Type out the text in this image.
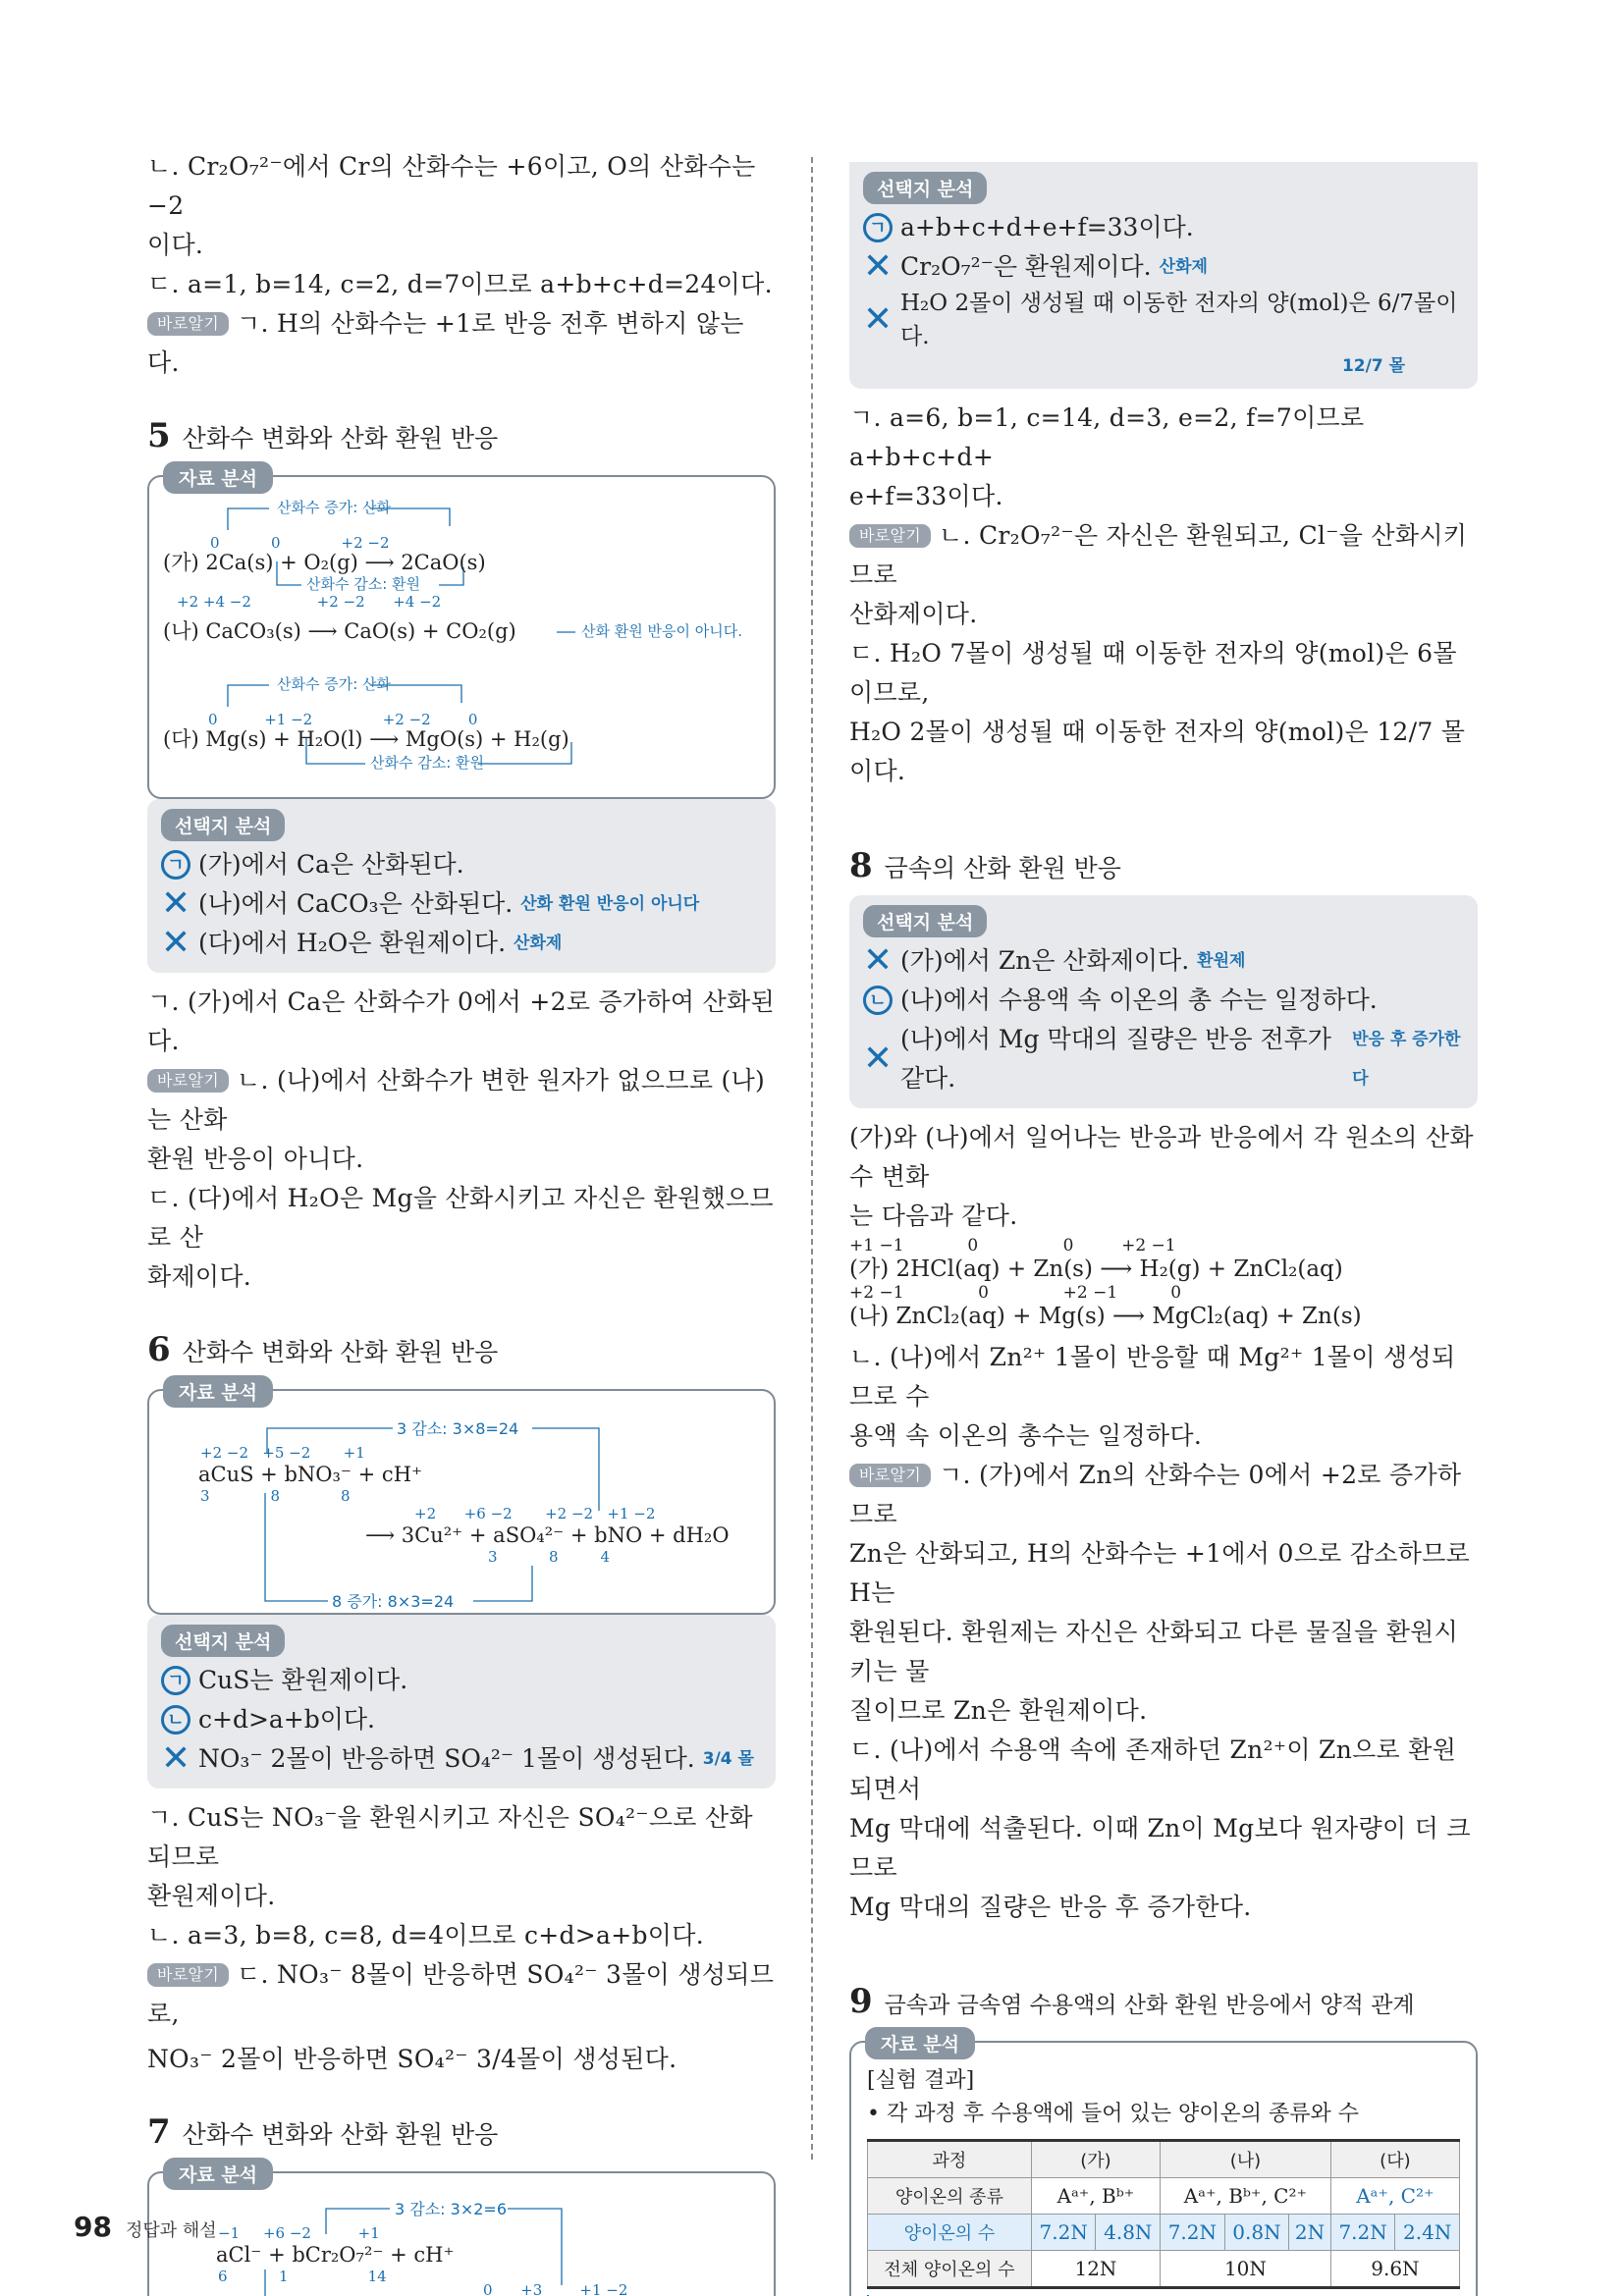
ㄴ. Cr₂O₇²⁻에서 Cr의 산화수는 +6이고, O의 산화수는 −2
이다.
ㄷ. a=1, b=14, c=2, d=7이므로 a+b+c+d=24이다.
바로알기 ㄱ. H의 산화수는 +1로 반응 전후 변하지 않는다.
5 산화수 변화와 산화 환원 반응
자료 분석
산화수 증가: 산화
산화수 감소: 환원
산화수 증가: 산화
산화수 감소: 환원
산화 환원 반응이 아니다.
0           0             +2 −2
+2 +4 −2              +2 −2      +4 −2
0          +1 −2               +2 −2        0
(가) 2Ca(s) + O₂(g) ⟶ 2CaO(s)
(나) CaCO₃(s) ⟶ CaO(s) + CO₂(g)
(다) Mg(s) + H₂O(l) ⟶ MgO(s) + H₂(g)
선택지 분석
ㄱ (가)에서 Ca은 산화된다.
✕ (나)에서 CaCO₃은 산화된다. 산화 환원 반응이 아니다
✕ (다)에서 H₂O은 환원제이다. 산화제
ㄱ. (가)에서 Ca은 산화수가 0에서 +2로 증가하여 산화된다.
바로알기 ㄴ. (나)에서 산화수가 변한 원자가 없으므로 (나)는 산화
환원 반응이 아니다.
ㄷ. (다)에서 H₂O은 Mg을 산화시키고 자신은 환원했으므로 산
화제이다.
6 산화수 변화와 산화 환원 반응
자료 분석
3 감소: 3×8=24
8 증가: 8×3=24
+2 −2   +5 −2       +1
3             8             8
+2      +6 −2       +2 −2   +1 −2
3           8         4
aCuS + bNO₃⁻ + cH⁺
⟶ 3Cu²⁺ + aSO₄²⁻ + bNO + dH₂O
선택지 분석
ㄱ CuS는 환원제이다.
ㄴ c+d>a+b이다.
✕ NO₃⁻ 2몰이 반응하면 SO₄²⁻ 1몰이 생성된다. 3/4 몰
ㄱ. CuS는 NO₃⁻을 환원시키고 자신은 SO₄²⁻으로 산화되므로
환원제이다.
ㄴ. a=3, b=8, c=8, d=4이므로 c+d>a+b이다.
바로알기 ㄷ. NO₃⁻ 8몰이 반응하면 SO₄²⁻ 3몰이 생성되므로,
NO₃⁻ 2몰이 반응하면 SO₄²⁻ 3/4몰이 생성된다.
7 산화수 변화와 산화 환원 반응
자료 분석
3 감소: 3×2=6
−1     +6 −2          +1
6           1                 14
0      +3        +1 −2
aCl⁻ + bCr₂O₇²⁻ + cH⁺
선택지 분석
ㄱ a+b+c+d+e+f=33이다.
✕ Cr₂O₇²⁻은 환원제이다. 산화제
✕ H₂O 2몰이 생성될 때 이동한 전자의 양(mol)은 6/7몰이다.
12/7 몰
ㄱ. a=6, b=1, c=14, d=3, e=2, f=7이므로 a+b+c+d+
e+f=33이다.
바로알기 ㄴ. Cr₂O₇²⁻은 자신은 환원되고, Cl⁻을 산화시키므로
산화제이다.
ㄷ. H₂O 7몰이 생성될 때 이동한 전자의 양(mol)은 6몰이므로,
H₂O 2몰이 생성될 때 이동한 전자의 양(mol)은 12/7 몰이다.
8 금속의 산화 환원 반응
선택지 분석
✕ (가)에서 Zn은 산화제이다. 환원제
ㄴ (나)에서 수용액 속 이온의 총 수는 일정하다.
✕ (나)에서 Mg 막대의 질량은 반응 전후가 같다.
반응 후 증가한다
(가)와 (나)에서 일어나는 반응과 반응에서 각 원소의 산화수 변화
는 다음과 같다.
+1 −1            0                0         +2 −1
(가) 2HCl(aq) + Zn(s) ⟶ H₂(g) + ZnCl₂(aq)
+2 −1              0              +2 −1          0
(나) ZnCl₂(aq) + Mg(s) ⟶ MgCl₂(aq) + Zn(s)
ㄴ. (나)에서 Zn²⁺ 1몰이 반응할 때 Mg²⁺ 1몰이 생성되므로 수
용액 속 이온의 총수는 일정하다.
바로알기 ㄱ. (가)에서 Zn의 산화수는 0에서 +2로 증가하므로
Zn은 산화되고, H의 산화수는 +1에서 0으로 감소하므로 H는
환원된다. 환원제는 자신은 산화되고 다른 물질을 환원시키는 물
질이므로 Zn은 환원제이다.
ㄷ. (나)에서 수용액 속에 존재하던 Zn²⁺이 Zn으로 환원되면서
Mg 막대에 석출된다. 이때 Zn이 Mg보다 원자량이 더 크므로
Mg 막대의 질량은 반응 후 증가한다.
9 금속과 금속염 수용액의 산화 환원 반응에서 양적 관계
자료 분석
[실험 결과]
• 각 과정 후 수용액에 들어 있는 양이온의 종류와 수
과정	(가)		(나)			(다)	
양이온의 종류	Aᵃ⁺, Bᵇ⁺		Aᵃ⁺, Bᵇ⁺, C²⁺			Aᵃ⁺, C²⁺	
양이온의 수	7.2N	4.8N	7.2N	0.8N	2N	7.2N	2.4N
전체 양이온의 수	12N		10N			9.6N	
98 정답과 해설
